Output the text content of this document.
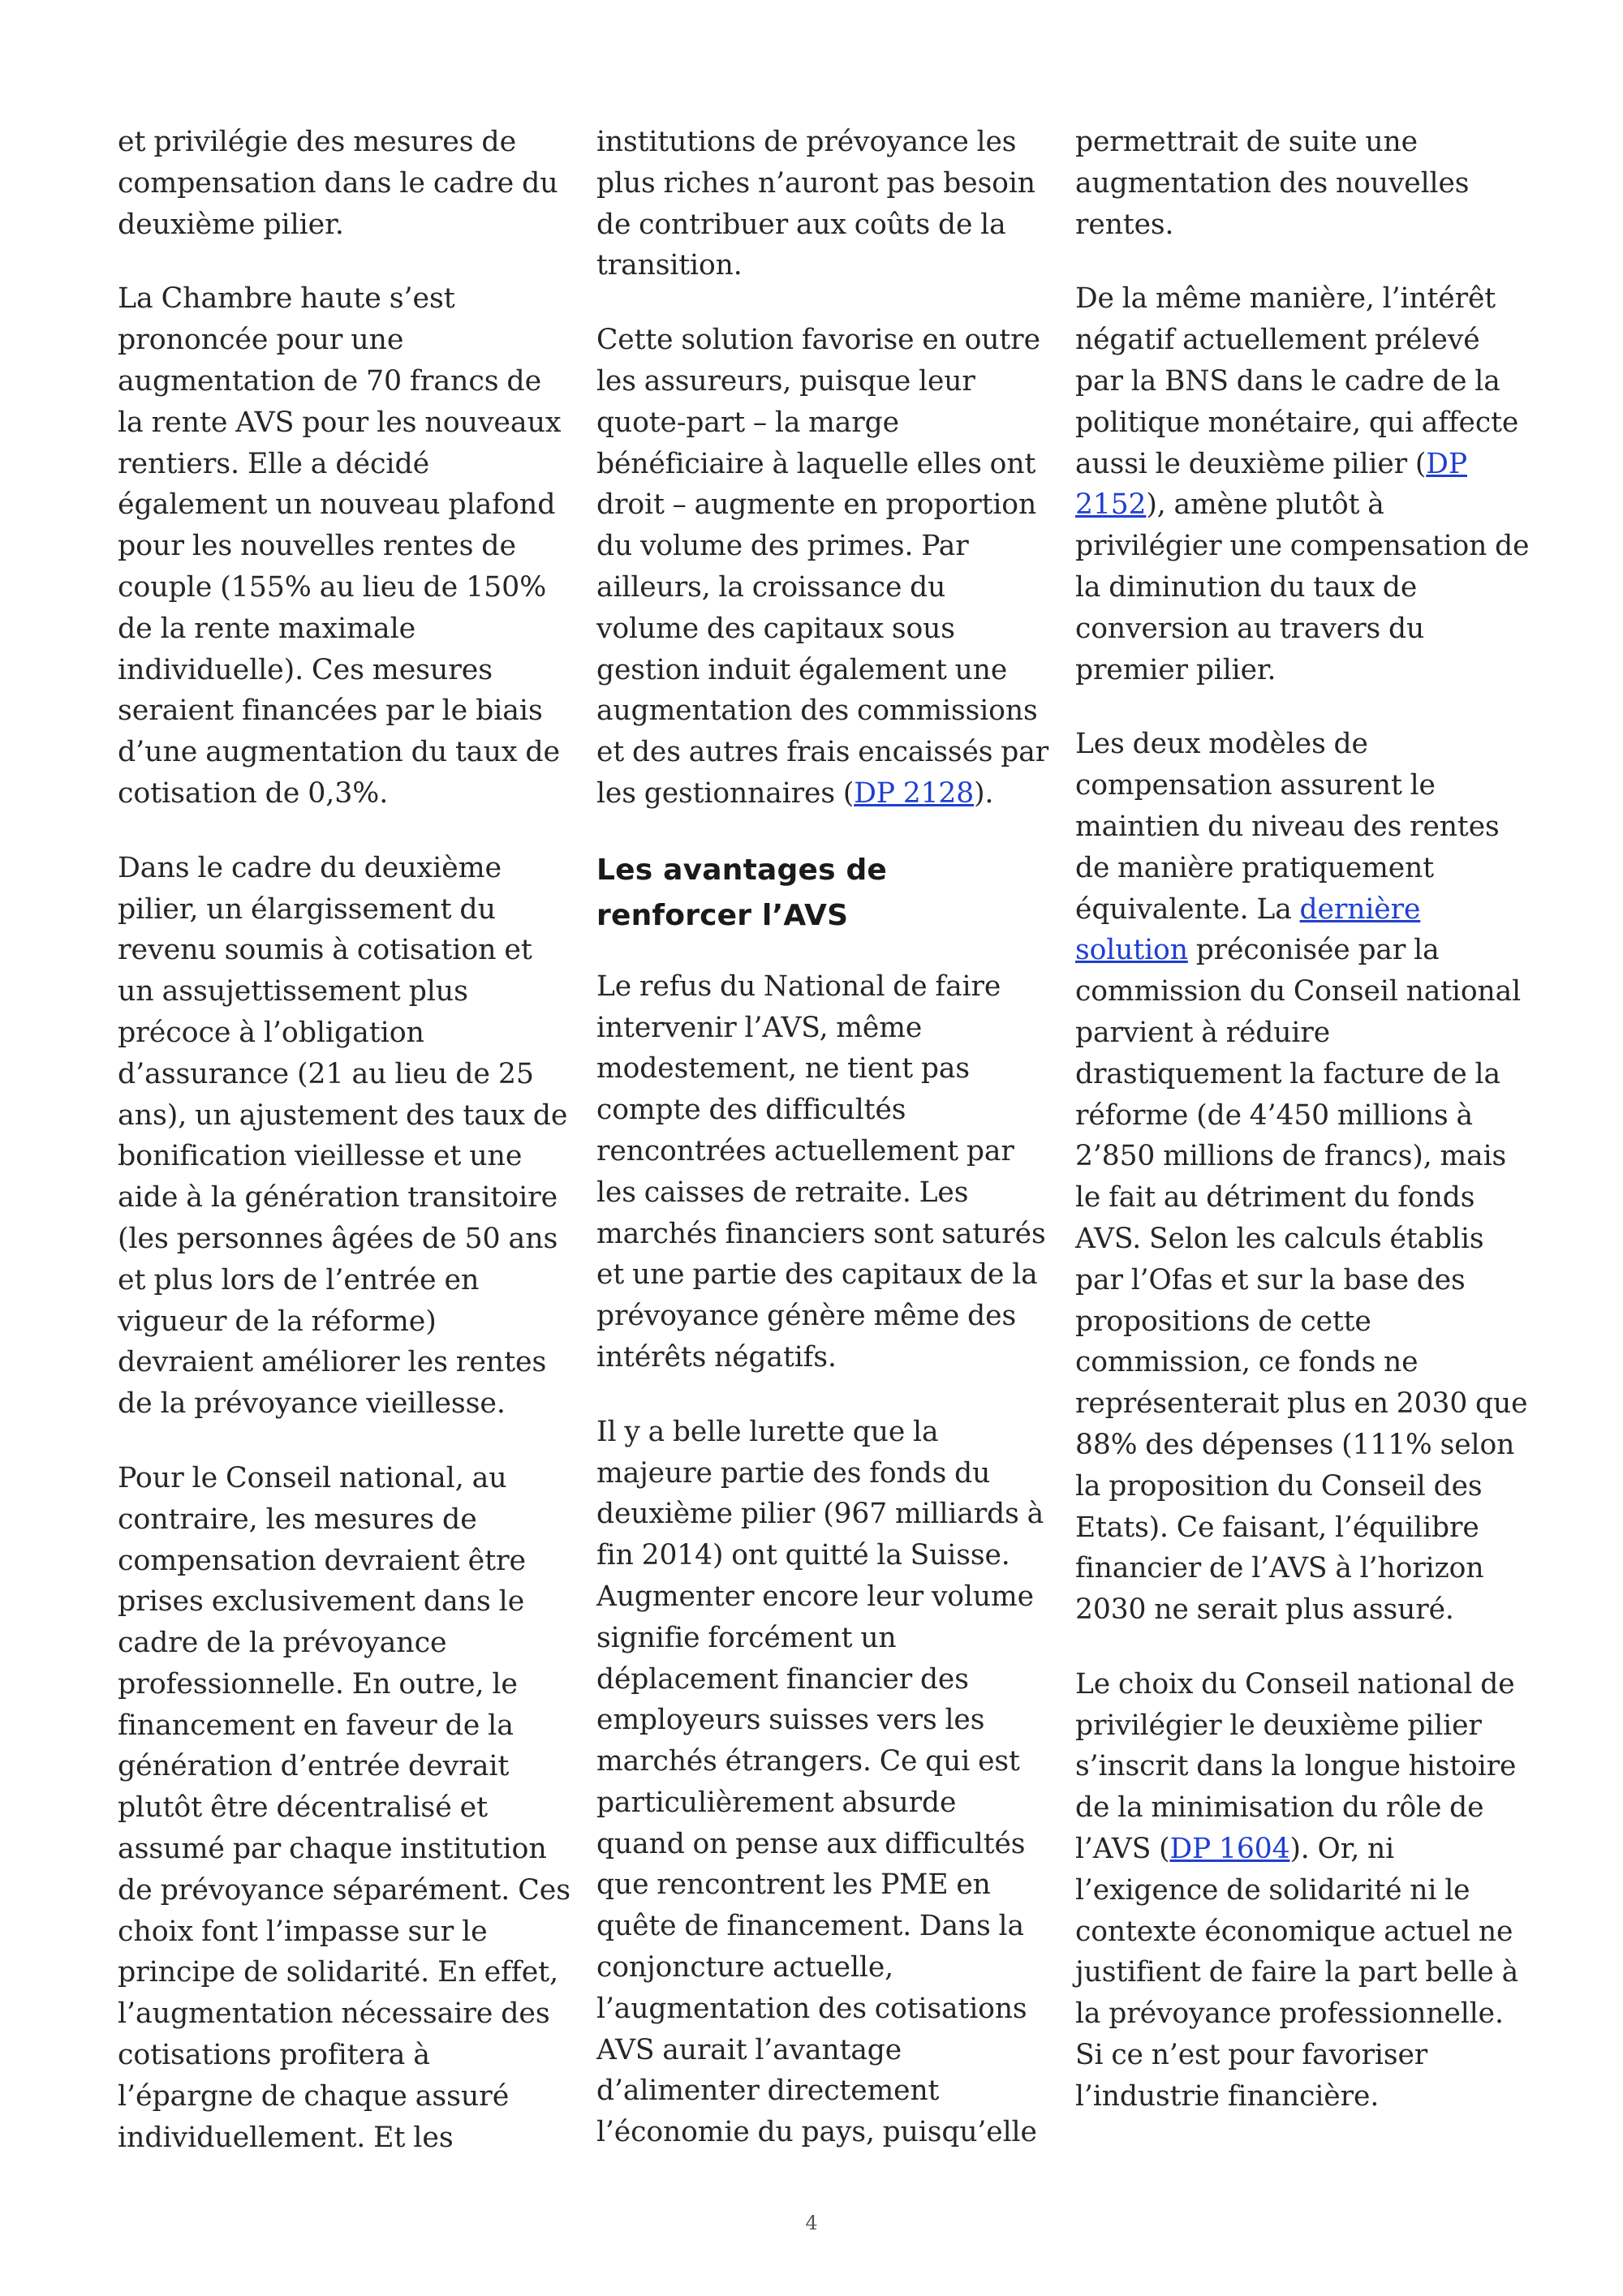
et privilégie des mesures de compensation dans le cadre du deuxième pilier.

La Chambre haute s’est prononcée pour une augmentation de 70 francs de la rente AVS pour les nouveaux rentiers. Elle a décidé également un nouveau plafond pour les nouvelles rentes de couple (155% au lieu de 150% de la rente maximale individuelle). Ces mesures seraient financées par le biais d’une augmentation du taux de cotisation de 0,3%.

Dans le cadre du deuxième pilier, un élargissement du revenu soumis à cotisation et un assujettissement plus précoce à l’obligation d’assurance (21 au lieu de 25 ans), un ajustement des taux de bonification vieillesse et une aide à la génération transitoire (les personnes âgées de 50 ans et plus lors de l’entrée en vigueur de la réforme) devraient améliorer les rentes de la prévoyance vieillesse.

Pour le Conseil national, au contraire, les mesures de compensation devraient être prises exclusivement dans le cadre de la prévoyance professionnelle. En outre, le financement en faveur de la génération d’entrée devrait plutôt être décentralisé et assumé par chaque institution de prévoyance séparément. Ces choix font l’impasse sur le principe de solidarité. En effet, l’augmentation nécessaire des cotisations profitera à l’épargne de chaque assuré individuellement. Et les

institutions de prévoyance les plus riches n’auront pas besoin de contribuer aux coûts de la transition.

Cette solution favorise en outre les assureurs, puisque leur quote-part – la marge bénéficiaire à laquelle elles ont droit – augmente en proportion du volume des primes. Par ailleurs, la croissance du volume des capitaux sous gestion induit également une augmentation des commissions et des autres frais encaissés par les gestionnaires (DP 2128).

Les avantages de renforcer l’AVS

Le refus du National de faire intervenir l’AVS, même modestement, ne tient pas compte des difficultés rencontrées actuellement par les caisses de retraite. Les marchés financiers sont saturés et une partie des capitaux de la prévoyance génère même des intérêts négatifs.

Il y a belle lurette que la majeure partie des fonds du deuxième pilier (967 milliards à fin 2014) ont quitté la Suisse. Augmenter encore leur volume signifie forcément un déplacement financier des employeurs suisses vers les marchés étrangers. Ce qui est particulièrement absurde quand on pense aux difficultés que rencontrent les PME en quête de financement. Dans la conjoncture actuelle, l’augmentation des cotisations AVS aurait l’avantage d’alimenter directement l’économie du pays, puisqu’elle

permettrait de suite une augmentation des nouvelles rentes.

De la même manière, l’intérêt négatif actuellement prélevé par la BNS dans le cadre de la politique monétaire, qui affecte aussi le deuxième pilier (DP 2152), amène plutôt à privilégier une compensation de la diminution du taux de conversion au travers du premier pilier.

Les deux modèles de compensation assurent le maintien du niveau des rentes de manière pratiquement équivalente. La dernière solution préconisée par la commission du Conseil national parvient à réduire drastiquement la facture de la réforme (de 4’450 millions à 2’850 millions de francs), mais le fait au détriment du fonds AVS. Selon les calculs établis par l’Ofas et sur la base des propositions de cette commission, ce fonds ne représenterait plus en 2030 que 88% des dépenses (111% selon la proposition du Conseil des Etats). Ce faisant, l’équilibre financier de l’AVS à l’horizon 2030 ne serait plus assuré.

Le choix du Conseil national de privilégier le deuxième pilier s’inscrit dans la longue histoire de la minimisation du rôle de l’AVS (DP 1604). Or, ni l’exigence de solidarité ni le contexte économique actuel ne justifient de faire la part belle à la prévoyance professionnelle. Si ce n’est pour favoriser l’industrie financière.

4
